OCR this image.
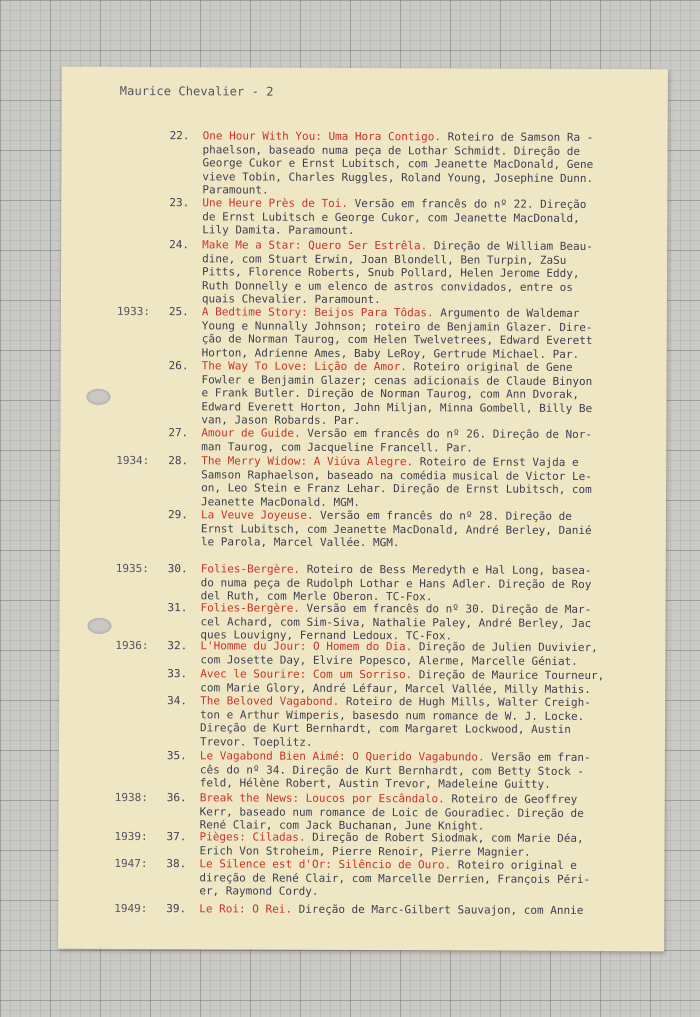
Maurice Chevalier - 2
22. One Hour With You: Uma Hora Contigo. Roteiro de Samson Ra -
phaelson, baseado numa peça de Lothar Schmidt. Direção de
George Cukor e Ernst Lubitsch, com Jeanette MacDonald, Gene
vieve Tobin, Charles Ruggles, Roland Young, Josephine Dunn.
Paramount.
23. Une Heure Près de Toi. Versão em francês do nº 22. Direção
de Ernst Lubitsch e George Cukor, com Jeanette MacDonald,
Lily Damita. Paramount.
24. Make Me a Star: Quero Ser Estrêla. Direção de William Beau-
dine, com Stuart Erwin, Joan Blondell, Ben Turpin, ZaSu
Pitts, Florence Roberts, Snub Pollard, Helen Jerome Eddy,
Ruth Donnelly e um elenco de astros convidados, entre os
quais Chevalier. Paramount.
1933: 25. A Bedtime Story: Beijos Para Tôdas. Argumento de Waldemar
Young e Nunnally Johnson; roteiro de Benjamin Glazer. Dire-
ção de Norman Taurog, com Helen Twelvetrees, Edward Everett
Horton, Adrienne Ames, Baby LeRoy, Gertrude Michael. Par.
26. The Way To Love: Lição de Amor. Roteiro original de Gene
Fowler e Benjamin Glazer; cenas adicionais de Claude Binyon
e Frank Butler. Direção de Norman Taurog, com Ann Dvorak,
Edward Everett Horton, John Miljan, Minna Gombell, Billy Be
van, Jason Robards. Par.
27. Amour de Guide. Versão em francês do nº 26. Direção de Nor-
man Taurog, com Jacqueline Francell. Par.
1934: 28. The Merry Widow: A Viúva Alegre. Roteiro de Ernst Vajda e
Samson Raphaelson, baseado na comédia musical de Victor Le-
on, Leo Stein e Franz Lehar. Direção de Ernst Lubitsch, com
Jeanette MacDonald. MGM.
29. La Veuve Joyeuse. Versão em francês do nº 28. Direção de
Ernst Lubitsch, com Jeanette MacDonald, André Berley, Danié
le Parola, Marcel Vallée. MGM.
1935: 30. Folies-Bergère. Roteiro de Bess Meredyth e Hal Long, basea-
do numa peça de Rudolph Lothar e Hans Adler. Direção de Roy
del Ruth, com Merle Oberon. TC-Fox.
31. Folies-Bergère. Versão em francês do nº 30. Direção de Mar-
cel Achard, com Sim-Siva, Nathalie Paley, André Berley, Jac
ques Louvigny, Fernand Ledoux. TC-Fox.
1936: 32. L'Homme du Jour: O Homem do Dia. Direção de Julien Duvivier,
com Josette Day, Elvire Popesco, Alerme, Marcelle Géniat.
33. Avec le Sourire: Com um Sorriso. Direção de Maurice Tourneur,
com Marie Glory, André Léfaur, Marcel Vallée, Milly Mathis.
34. The Beloved Vagabond. Roteiro de Hugh Mills, Walter Creigh-
ton e Arthur Wimperis, basesdo num romance de W. J. Locke.
Direção de Kurt Bernhardt, com Margaret Lockwood, Austin
Trevor. Toeplitz.
35. Le Vagabond Bien Aimé: O Querido Vagabundo. Versão em fran-
cês do nº 34. Direção de Kurt Bernhardt, com Betty Stock -
feld, Hélène Robert, Austin Trevor, Madeleine Guitty.
1938: 36. Break the News: Loucos por Escândalo. Roteiro de Geoffrey
Kerr, baseado num romance de Loic de Gouradiec. Direção de
René Clair, com Jack Buchanan, June Knight.
1939: 37. Pièges: Ciladas. Direção de Robert Siodmak, com Marie Déa,
Erich Von Stroheim, Pierre Renoir, Pierre Magnier.
1947: 38. Le Silence est d'Or: Silêncio de Ouro. Roteiro original e
direção de René Clair, com Marcelle Derrien, François Péri-
er, Raymond Cordy.
1949: 39. Le Roi: O Rei. Direção de Marc-Gilbert Sauvajon, com Annie
